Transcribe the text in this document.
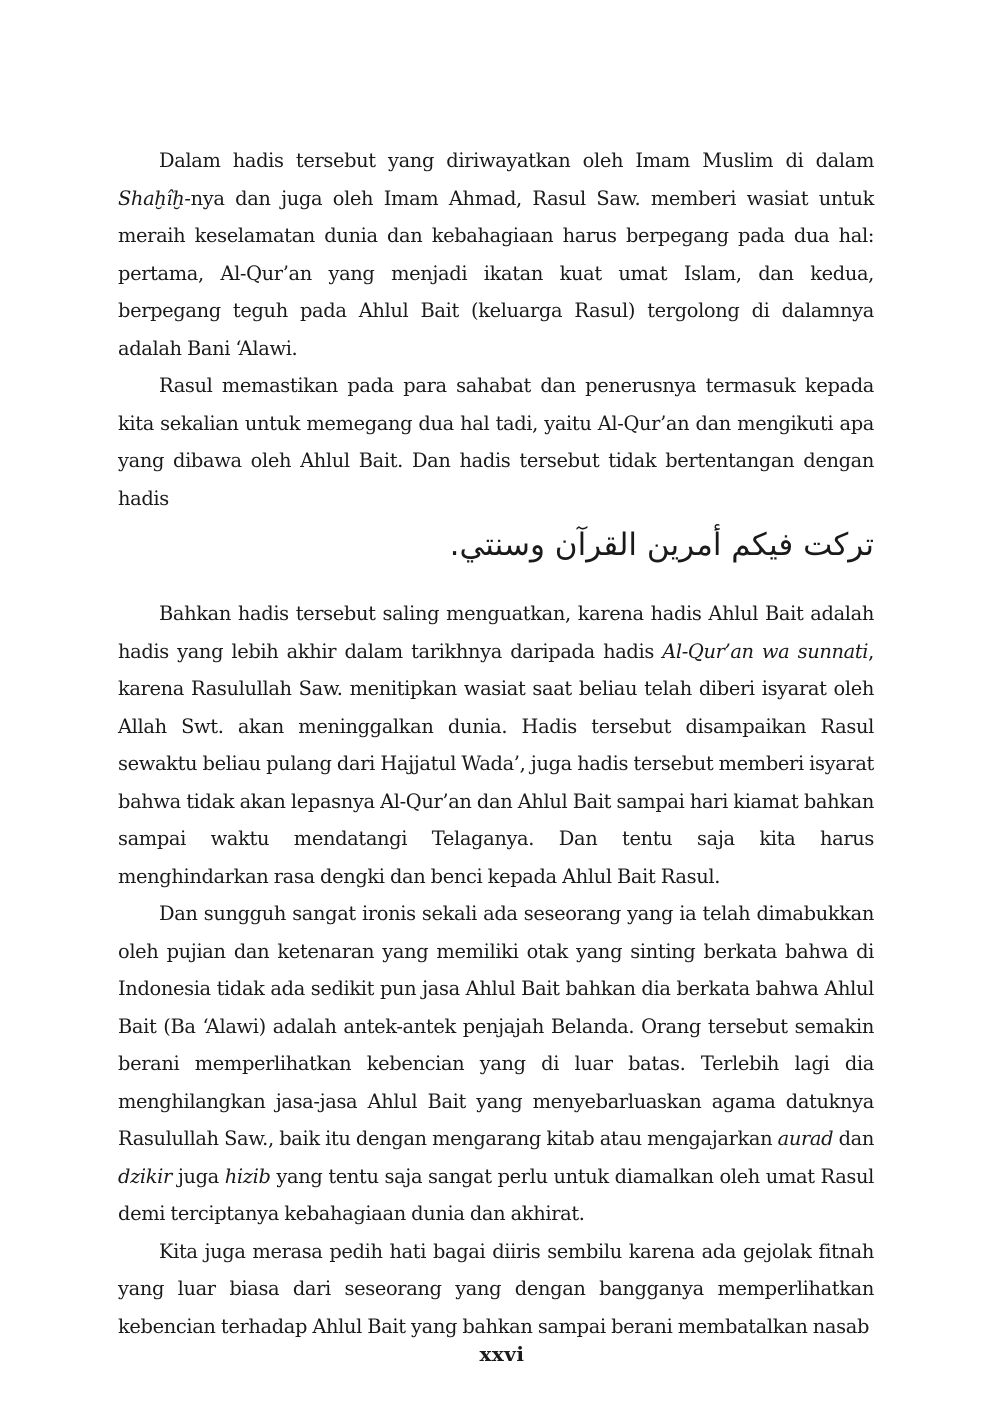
Dalam hadis tersebut yang diriwayatkan oleh Imam Muslim di dalam Shaḫîḫ-nya dan juga oleh Imam Ahmad, Rasul Saw. memberi wasiat untuk meraih keselamatan dunia dan kebahagiaan harus berpegang pada dua hal: pertama, Al-Qur’an yang menjadi ikatan kuat umat Islam, dan kedua, berpegang teguh pada Ahlul Bait (keluarga Rasul) tergolong di dalamnya adalah Bani ‘Alawi.

Rasul memastikan pada para sahabat dan penerusnya termasuk kepada kita sekalian untuk memegang dua hal tadi, yaitu Al-Qur’an dan mengikuti apa yang dibawa oleh Ahlul Bait. Dan hadis tersebut tidak bertentangan dengan hadis

تركت فيكم أمرين القرآن وسنتي.

Bahkan hadis tersebut saling menguatkan, karena hadis Ahlul Bait adalah hadis yang lebih akhir dalam tarikhnya daripada hadis Al-Qur’an wa sunnati, karena Rasulullah Saw. menitipkan wasiat saat beliau telah diberi isyarat oleh Allah Swt. akan meninggalkan dunia. Hadis tersebut disampaikan Rasul sewaktu beliau pulang dari Hajjatul Wada’, juga hadis tersebut memberi isyarat bahwa tidak akan lepasnya Al-Qur’an dan Ahlul Bait sampai hari kiamat bahkan sampai waktu mendatangi Telaganya. Dan tentu saja kita harus menghindarkan rasa dengki dan benci kepada Ahlul Bait Rasul.

Dan sungguh sangat ironis sekali ada seseorang yang ia telah dimabukkan oleh pujian dan ketenaran yang memiliki otak yang sinting berkata bahwa di Indonesia tidak ada sedikit pun jasa Ahlul Bait bahkan dia berkata bahwa Ahlul Bait (Ba ‘Alawi) adalah antek-antek penjajah Belanda. Orang tersebut semakin berani memperlihatkan kebencian yang di luar batas. Terlebih lagi dia menghilangkan jasa-jasa Ahlul Bait yang menyebarluaskan agama datuknya Rasulullah Saw., baik itu dengan mengarang kitab atau mengajarkan aurad dan dzikir juga hizib yang tentu saja sangat perlu untuk diamalkan oleh umat Rasul demi terciptanya kebahagiaan dunia dan akhirat.

Kita juga merasa pedih hati bagai diiris sembilu karena ada gejolak fitnah yang luar biasa dari seseorang yang dengan bangganya memperlihatkan kebencian terhadap Ahlul Bait yang bahkan sampai berani membatalkan nasab

xxvi
